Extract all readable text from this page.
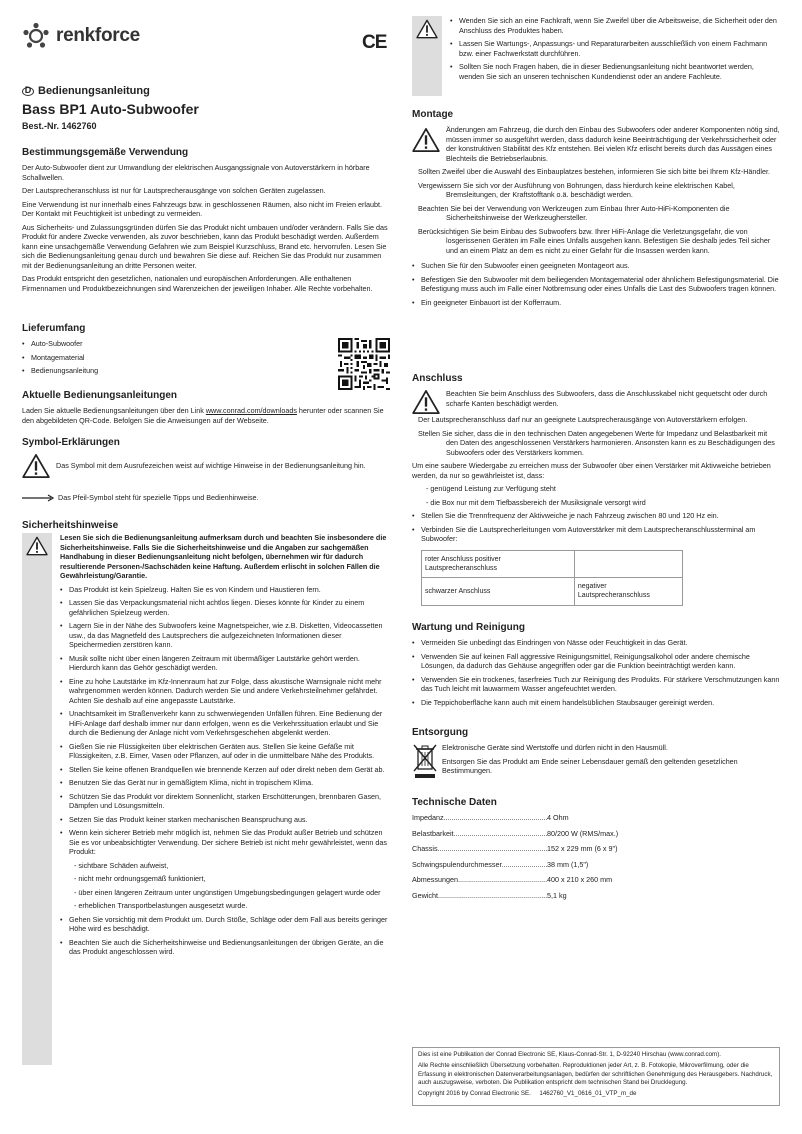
renkforce	CE
D Bedienungsanleitung
Bass BP1 Auto-Subwoofer
Best.-Nr. 1462760
Bestimmungsgemäße Verwendung

Der Auto-Subwoofer dient zur Umwandlung der elektrischen Ausgangssignale von Autoverstärkern in hörbare Schallwellen.

Der Lautsprecheranschluss ist nur für Lautsprecherausgänge von solchen Geräten zugelassen.

Eine Verwendung ist nur innerhalb eines Fahrzeugs bzw. in geschlossenen Räumen, also nicht im Freien erlaubt. Der Kontakt mit Feuchtigkeit ist unbedingt zu vermeiden.

Aus Sicherheits- und Zulassungsgründen dürfen Sie das Produkt nicht umbauen und/oder verändern. Falls Sie das Produkt für andere Zwecke verwenden, als zuvor beschrieben, kann das Produkt beschädigt werden. Außerdem kann eine unsachgemäße Verwendung Gefahren wie zum Beispiel Kurzschluss, Brand etc. hervorrufen. Lesen Sie sich die Bedienungsanleitung genau durch und bewahren Sie diese auf. Reichen Sie das Produkt nur zusammen mit der Bedienungsanleitung an dritte Personen weiter.

Das Produkt entspricht den gesetzlichen, nationalen und europäischen Anforderungen. Alle enthaltenen Firmennamen und Produktbezeichnungen sind Warenzeichen der jeweiligen Inhaber. Alle Rechte vorbehalten.

Lieferumfang
• Auto-Subwoofer
• Montagematerial
• Bedienungsanleitung
Aktuelle Bedienungsanleitungen

Laden Sie aktuelle Bedienungsanleitungen über den Link www.conrad.com/downloads herunter oder scannen Sie den abgebildeten QR-Code. Befolgen Sie die Anweisungen auf der Webseite.

Symbol-Erklärungen
Das Symbol mit dem Ausrufezeichen weist auf wichtige Hinweise in der Bedienungsanleitung hin.
Das Pfeil-Symbol steht für spezielle Tipps und Bedienhinweise.
Sicherheitshinweise

Lesen Sie sich die Bedienungsanleitung aufmerksam durch und beachten Sie insbesondere die Sicherheitshinweise. Falls Sie die Sicherheitshinweise und die Angaben zur sachgemäßen Handhabung in dieser Bedienungsanleitung nicht befolgen, übernehmen wir für dadurch resultierende Personen-/Sachschäden keine Haftung. Außerdem erlischt in solchen Fällen die Gewährleistung/Garantie.

• Das Produkt ist kein Spielzeug. Halten Sie es von Kindern und Haustieren fern.
• Lassen Sie das Verpackungsmaterial nicht achtlos liegen. Dieses könnte für Kinder zu einem gefährlichen Spielzeug werden.
• Lagern Sie in der Nähe des Subwoofers keine Magnetspeicher, wie z.B. Disketten, Videocassetten usw., da das Magnetfeld des Lautsprechers die aufgezeichneten Informationen dieser Speichermedien zerstören kann.
• Musik sollte nicht über einen längeren Zeitraum mit übermäßiger Lautstärke gehört werden. Hierdurch kann das Gehör geschädigt werden.
• Eine zu hohe Lautstärke im Kfz-Innenraum hat zur Folge, dass akustische Warnsignale nicht mehr wahrgenommen werden können. Dadurch werden Sie und andere Verkehrsteilnehmer gefährdet. Achten Sie deshalb auf eine angepasste Lautstärke.
• Unachtsamkeit im Straßenverkehr kann zu schwerwiegenden Unfällen führen. Eine Bedienung der HiFi-Anlage darf deshalb immer nur dann erfolgen, wenn es die Verkehrssituation erlaubt und Sie durch die Bedienung der Anlage nicht vom Verkehrsgeschehen abgelenkt werden.
• Gießen Sie nie Flüssigkeiten über elektrischen Geräten aus. Stellen Sie keine Gefäße mit Flüssigkeiten, z.B. Eimer, Vasen oder Pflanzen, auf oder in die unmittelbare Nähe des Produkts.
• Stellen Sie keine offenen Brandquellen wie brennende Kerzen auf oder direkt neben dem Gerät ab.
• Benutzen Sie das Gerät nur in gemäßigtem Klima, nicht in tropischem Klima.
• Schützen Sie das Produkt vor direktem Sonnenlicht, starken Erschütterungen, brennbaren Gasen, Dämpfen und Lösungsmitteln.
• Setzen Sie das Produkt keiner starken mechanischen Beanspruchung aus.
• Wenn kein sicherer Betrieb mehr möglich ist, nehmen Sie das Produkt außer Betrieb und schützen Sie es vor unbeabsichtigter Verwendung. Der sichere Betrieb ist nicht mehr gewährleistet, wenn das Produkt:
- sichtbare Schäden aufweist,
- nicht mehr ordnungsgemäß funktioniert,
- über einen längeren Zeitraum unter ungünstigen Umgebungsbedingungen gelagert wurde oder
- erheblichen Transportbelastungen ausgesetzt wurde.
• Gehen Sie vorsichtig mit dem Produkt um. Durch Stöße, Schläge oder dem Fall aus bereits geringer Höhe wird es beschädigt.
• Beachten Sie auch die Sicherheitshinweise und Bedienungsanleitungen der übrigen Geräte, an die das Produkt angeschlossen wird.
• Wenden Sie sich an eine Fachkraft, wenn Sie Zweifel über die Arbeitsweise, die Sicherheit oder den Anschluss des Produktes haben.
• Lassen Sie Wartungs-, Anpassungs- und Reparaturarbeiten ausschließlich von einem Fachmann bzw. einer Fachwerkstatt durchführen.
• Sollten Sie noch Fragen haben, die in dieser Bedienungsanleitung nicht beantwortet werden, wenden Sie sich an unseren technischen Kundendienst oder an andere Fachleute.
Montage

Änderungen am Fahrzeug, die durch den Einbau des Subwoofers oder anderer Komponenten nötig sind, müssen immer so ausgeführt werden, dass dadurch keine Beeinträchtigung der Verkehrssicherheit oder der konstruktiven Stabilität des Kfz entstehen. Bei vielen Kfz erlischt bereits durch das Aussägen eines Blechteils die Betriebserlaubnis.

Sollten Zweifel über die Auswahl des Einbauplatzes bestehen, informieren Sie sich bitte bei Ihrem Kfz-Händler.

Vergewissern Sie sich vor der Ausführung von Bohrungen, dass hierdurch keine elektrischen Kabel, Bremsleitungen, der Kraftstofftank o.ä. beschädigt werden.

Beachten Sie bei der Verwendung von Werkzeugen zum Einbau Ihrer Auto-HiFi-Komponenten die Sicherheitshinweise der Werkzeughersteller.

Berücksichtigen Sie beim Einbau des Subwoofers bzw. Ihrer HiFi-Anlage die Verletzungsgefahr, die von losgerissenen Geräten im Falle eines Unfalls ausgehen kann. Befestigen Sie deshalb jedes Teil sicher und an einem Platz an dem es nicht zu einer Gefahr für die Insassen werden kann.

• Suchen Sie für den Subwoofer einen geeigneten Montageort aus.
• Befestigen Sie den Subwoofer mit dem beiliegenden Montagematerial oder ähnlichem Befestigungsmaterial. Die Befestigung muss auch im Falle einer Notbremsung oder eines Unfalls die Last des Subwoofers tragen können.
• Ein geeigneter Einbauort ist der Kofferraum.
Anschluss

Beachten Sie beim Anschluss des Subwoofers, dass die Anschlusskabel nicht gequetscht oder durch scharfe Kanten beschädigt werden.

Der Lautsprecheranschluss darf nur an geeignete Lautsprecherausgänge von Autoverstärkern erfolgen.

Stellen Sie sicher, dass die in den technischen Daten angegebenen Werte für Impedanz und Belastbarkeit mit den Daten des angeschlossenen Verstärkers harmonieren. Ansonsten kann es zu Beschädigungen des Subwoofers oder des Verstärkers kommen.

Um eine saubere Wiedergabe zu erreichen muss der Subwoofer über einen Verstärker mit Aktivweiche betrieben werden, da nur so gewährleistet ist, dass:

- genügend Leistung zur Verfügung steht
- die Box nur mit dem Tiefbassbereich der Musiksignale versorgt wird
• Stellen Sie die Trennfrequenz der Aktivweiche je nach Fahrzeug zwischen 80 und 120 Hz ein.
• Verbinden Sie die Lautsprecherleitungen vom Autoverstärker mit dem Lautsprecheranschlussterminal am Subwoofer:
roter Anschluss positiver Lautsprecheranschluss	
schwarzer Anschluss	negativer Lautsprecheranschluss
Wartung und Reinigung
• Vermeiden Sie unbedingt das Eindringen von Nässe oder Feuchtigkeit in das Gerät.
• Verwenden Sie auf keinen Fall aggressive Reinigungsmittel, Reinigungsalkohol oder andere chemische Lösungen, da dadurch das Gehäuse angegriffen oder gar die Funktion beeinträchtigt werden kann.
• Verwenden Sie ein trockenes, faserfreies Tuch zur Reinigung des Produkts. Für stärkere Verschmutzungen kann das Tuch leicht mit lauwarmem Wasser angefeuchtet werden.
• Die Teppichoberfläche kann auch mit einem handelsüblichen Staubsauger gereinigt werden.
Entsorgung

Elektronische Geräte sind Wertstoffe und dürfen nicht in den Hausmüll.

Entsorgen Sie das Produkt am Ende seiner Lebensdauer gemäß den geltenden gesetzlichen Bestimmungen.

Technische Daten
Impedanz .....	4 Ohm
Belastbarkeit .....	80/200 W (RMS/max.)
Chassis .....	152 x 229 mm (6 x 9")
Schwingspulendurchmesser .....	38 mm (1,5")
Abmessungen .....	400 x 210 x 260 mm
Gewicht .....	5,1 kg

Dies ist eine Publikation der Conrad Electronic SE, Klaus-Conrad-Str. 1, D-92240 Hirschau (www.conrad.com).

Alle Rechte einschließlich Übersetzung vorbehalten. Reproduktionen jeder Art, z. B. Fotokopie, Mikroverfilmung, oder die Erfassung in elektronischen Datenverarbeitungsanlagen, bedürfen der schriftlichen Genehmigung des Herausgebers. Nachdruck, auch auszugsweise, verboten. Die Publikation entspricht dem technischen Stand bei Drucklegung.

Copyright 2016 by Conrad Electronic SE.     1462760_V1_0616_01_VTP_m_de
